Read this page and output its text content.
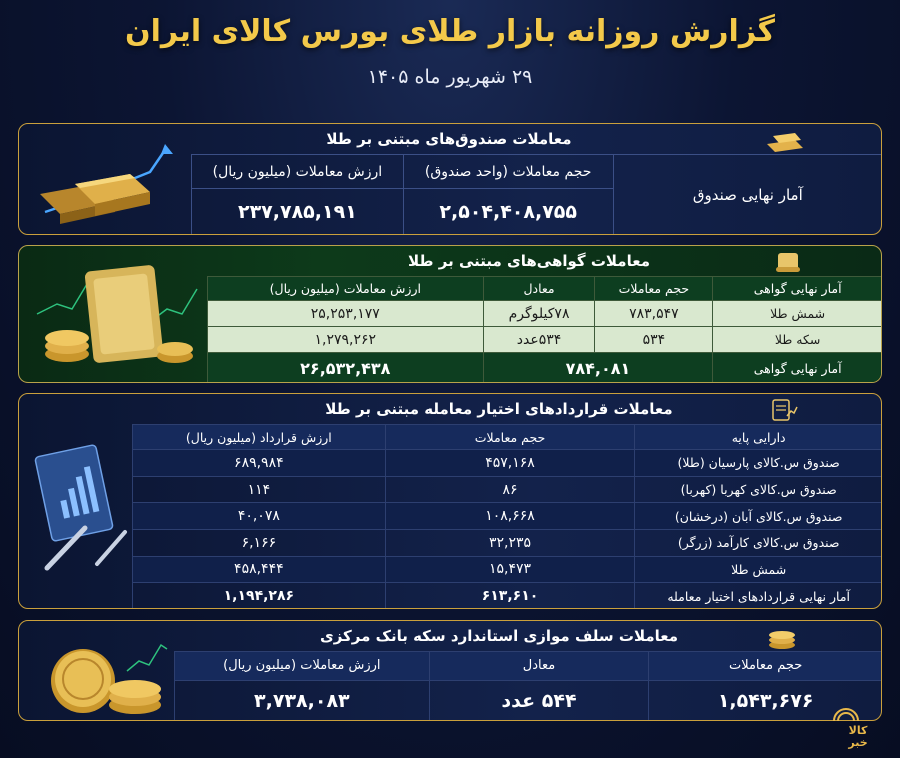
گزارش روزانه بازار طلای بورس کالای ایران
۲۹ شهریور ماه ۱۴۰۵
معاملات صندوق‌های مبتنی بر طلا
آمار نهایی صندوق	حجم معاملات (واحد صندوق)	ارزش معاملات (میلیون ریال)
	۲,۵۰۴,۴۰۸,۷۵۵	۲۳۷,۷۸۵,۱۹۱
معاملات گواهی‌های مبتنی بر طلا
آمار نهایی گواهی	حجم معاملات	معادل	ارزش معاملات (میلیون ریال)
شمش طلا	۷۸۳,۵۴۷	۷۸کیلوگرم	۲۵,۲۵۳,۱۷۷
سکه طلا	۵۳۴	۵۳۴عدد	۱,۲۷۹,۲۶۲
آمار نهایی گواهی	۷۸۴,۰۸۱		۲۶,۵۳۲,۴۳۸
معاملات قراردادهای اختیار معامله مبتنی بر طلا
دارایی پایه	حجم معاملات	ارزش قرارداد (میلیون ریال)
صندوق س.کالای پارسیان (طلا)	۴۵۷,۱۶۸	۶۸۹,۹۸۴
صندوق س.کالای کهربا (کهربا)	۸۶	۱۱۴
صندوق س.کالای آبان (درخشان)	۱۰۸,۶۶۸	۴۰,۰۷۸
صندوق س.کالای کارآمد (زرگر)	۳۲,۲۳۵	۶,۱۶۶
شمش طلا	۱۵,۴۷۳	۴۵۸,۴۴۴
آمار نهایی قراردادهای اختیار معامله	۶۱۳,۶۱۰	۱,۱۹۴,۲۸۶
معاملات سلف موازی استاندارد سکه بانک مرکزی
حجم معاملات	معادل	ارزش معاملات (میلیون ریال)
۱,۵۴۳,۶۷۶	۵۴۴ عدد	۳,۷۳۸,۰۸۳
کالا
خبر
